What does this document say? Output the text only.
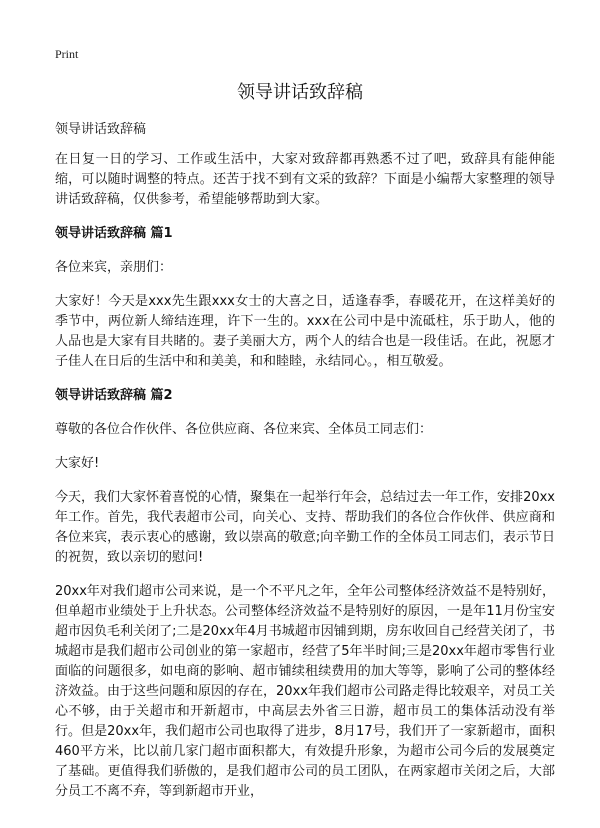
Print
领导讲话致辞稿

领导讲话致辞稿

在日复一日的学习、工作或生活中，大家对致辞都再熟悉不过了吧，致辞具有能伸能缩，可以随时调整的特点。还苦于找不到有文采的致辞？下面是小编帮大家整理的领导讲话致辞稿，仅供参考，希望能够帮助到大家。

领导讲话致辞稿 篇1

各位来宾，亲朋们：

大家好！今天是xxx先生跟xxx女士的大喜之日，适逢春季，春暖花开，在这样美好的季节中，两位新人缔结连理，许下一生的。xxx在公司中是中流砥柱，乐于助人，他的人品也是大家有目共睹的。妻子美丽大方，两个人的结合也是一段佳话。在此，祝愿才子佳人在日后的生活中和和美美，和和睦睦，永结同心。，相互敬爱。

领导讲话致辞稿 篇2

尊敬的各位合作伙伴、各位供应商、各位来宾、全体员工同志们：

大家好!

今天，我们大家怀着喜悦的心情，聚集在一起举行年会，总结过去一年工作，安排20xx年工作。首先，我代表超市公司，向关心、支持、帮助我们的各位合作伙伴、供应商和各位来宾，表示衷心的感谢，致以崇高的敬意;向辛勤工作的全体员工同志们，表示节日的祝贺，致以亲切的慰问!

20xx年对我们超市公司来说，是一个不平凡之年，全年公司整体经济效益不是特别好，但单超市业绩处于上升状态。公司整体经济效益不是特别好的原因，一是年11月份宝安超市因负毛利关闭了;二是20xx年4月书城超市因铺到期，房东收回自己经营关闭了，书城超市是我们超市公司创业的第一家超市，经营了5年半时间;三是20xx年超市零售行业面临的问题很多，如电商的影响、超市铺续租续费用的加大等等，影响了公司的整体经济效益。由于这些问题和原因的存在，20xx年我们超市公司路走得比较艰辛，对员工关心不够，由于关超市和开新超市，中高层去外省三日游，超市员工的集体活动没有举行。但是20xx年，我们超市公司也取得了进步，8月17号，我们开了一家新超市，面积460平方米，比以前几家门超市面积都大，有效提升形象，为超市公司今后的发展奠定了基础。更值得我们骄傲的，是我们超市公司的员工团队，在两家超市关闭之后，大部分员工不离不弃，等到新超市开业，
